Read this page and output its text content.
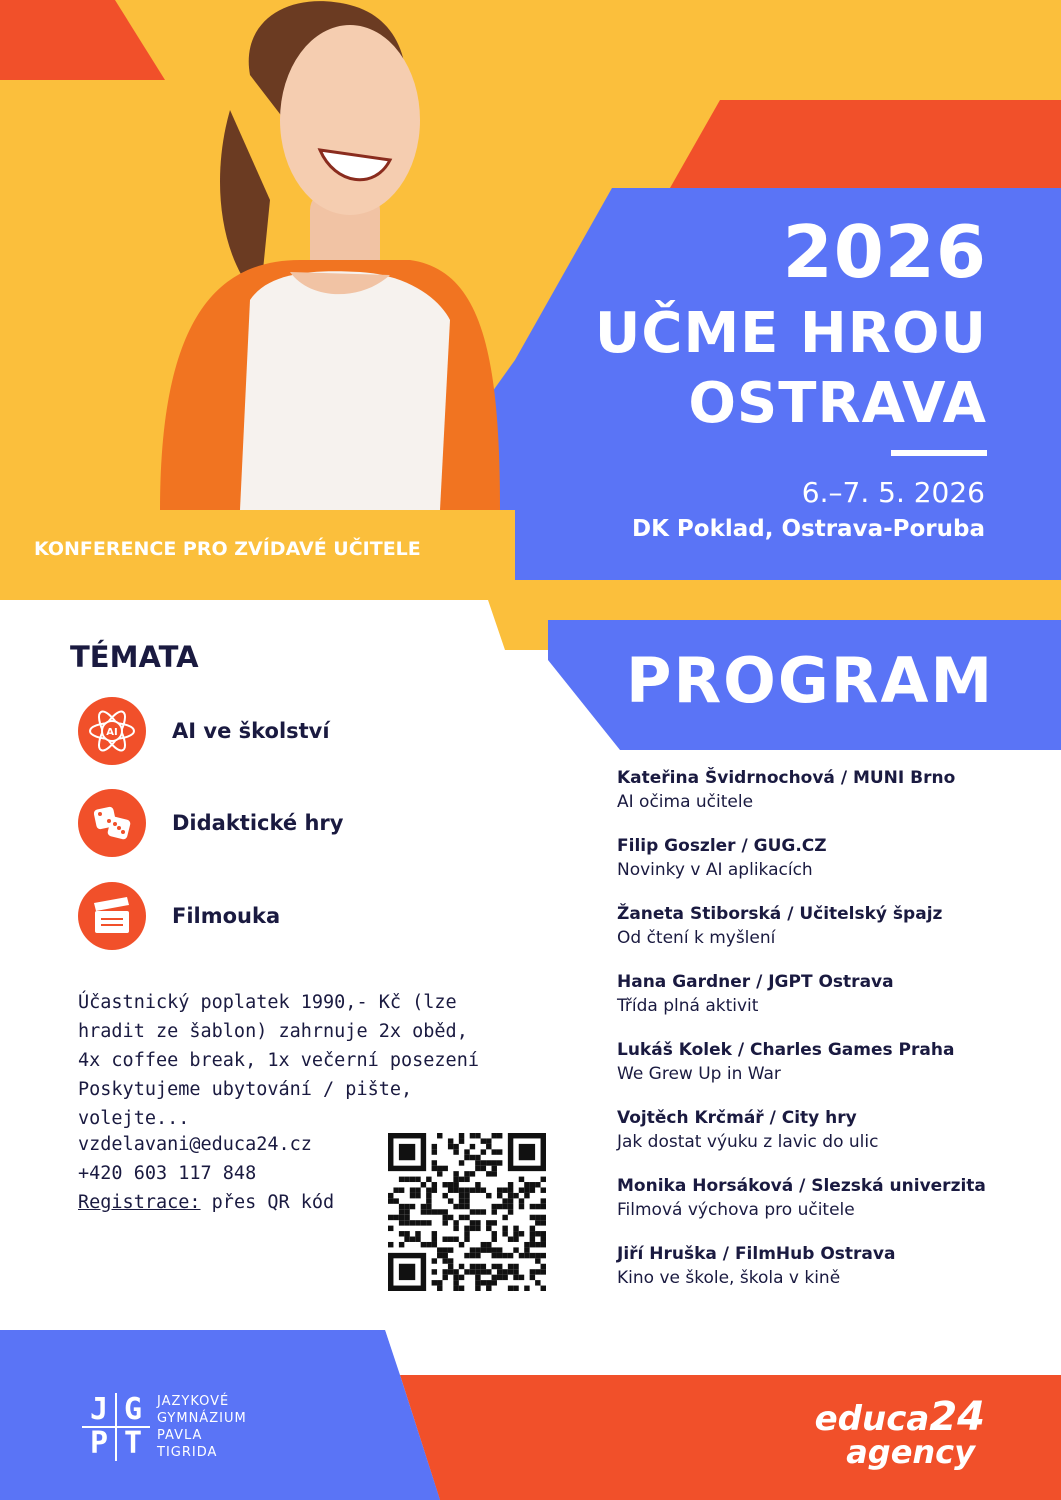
2026
UČME HROU
OSTRAVA
6.–7. 5. 2026
DK Poklad, Ostrava-Poruba
KONFERENCE PRO ZVÍDAVÉ UČITELE
PROGRAM
TÉMATA
AI	AI ve školství
Didaktické hry
Filmouka
Účastnický poplatek 1990,- Kč (lze hradit ze šablon) zahrnuje 2x oběd, 4x coffee break, 1x večerní posezení Poskytujeme ubytování / pište, volejte...
vzdelavani@educa24.cz
+420 603 117 848
Registrace: přes QR kód
Kateřina Švidrnochová / MUNI Brno
AI očima učitele
Filip Goszler / GUG.CZ
Novinky v AI aplikacích
Žaneta Stiborská / Učitelský špajz
Od čtení k myšlení
Hana Gardner / JGPT Ostrava
Třída plná aktivit
Lukáš Kolek / Charles Games Praha
We Grew Up in War
Vojtěch Krčmář / City hry
Jak dostat výuku z lavic do ulic
Monika Horsáková / Slezská univerzita
Filmová výchova pro učitele
Jiří Hruška / FilmHub Ostrava
Kino ve škole, škola v kině
J G
P T
JAZYKOVÉ
GYMNÁZIUM
PAVLA
TIGRIDA
educa24
agency
